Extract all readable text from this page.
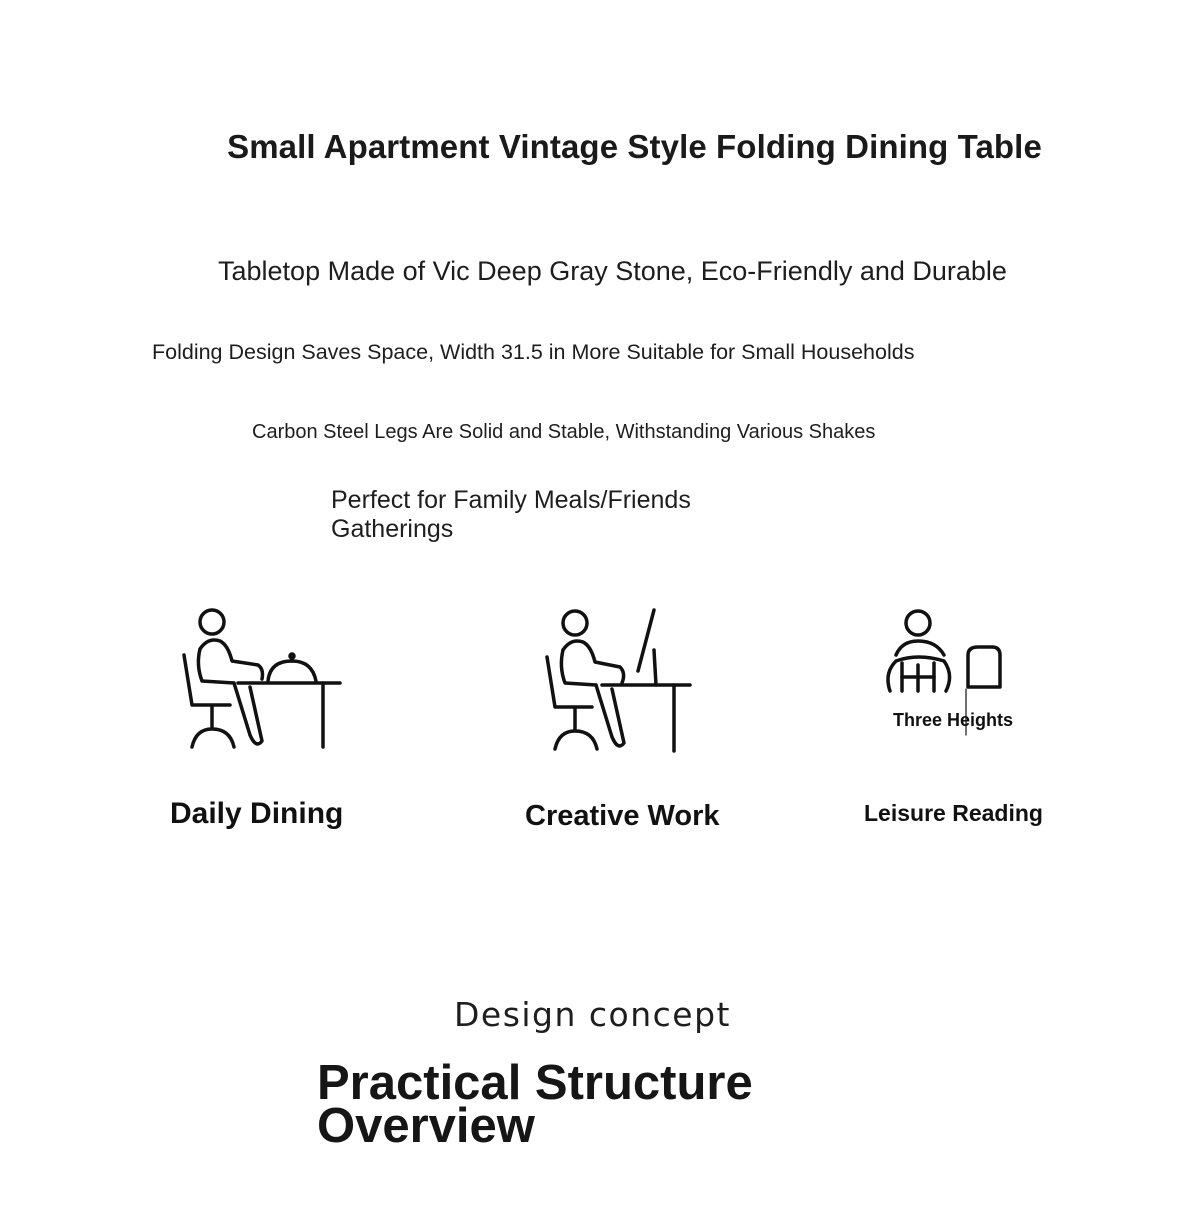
Small Apartment Vintage Style Folding Dining Table
Tabletop Made of Vic Deep Gray Stone, Eco-Friendly and Durable
Folding Design Saves Space, Width 31.5 in More Suitable for Small Households
Carbon Steel Legs Are Solid and Stable, Withstanding Various Shakes
Perfect for Family Meals/Friends Gatherings
Three Heights
Daily Dining	Creative Work	Leisure Reading
Design concept
Practical Structure Overview
